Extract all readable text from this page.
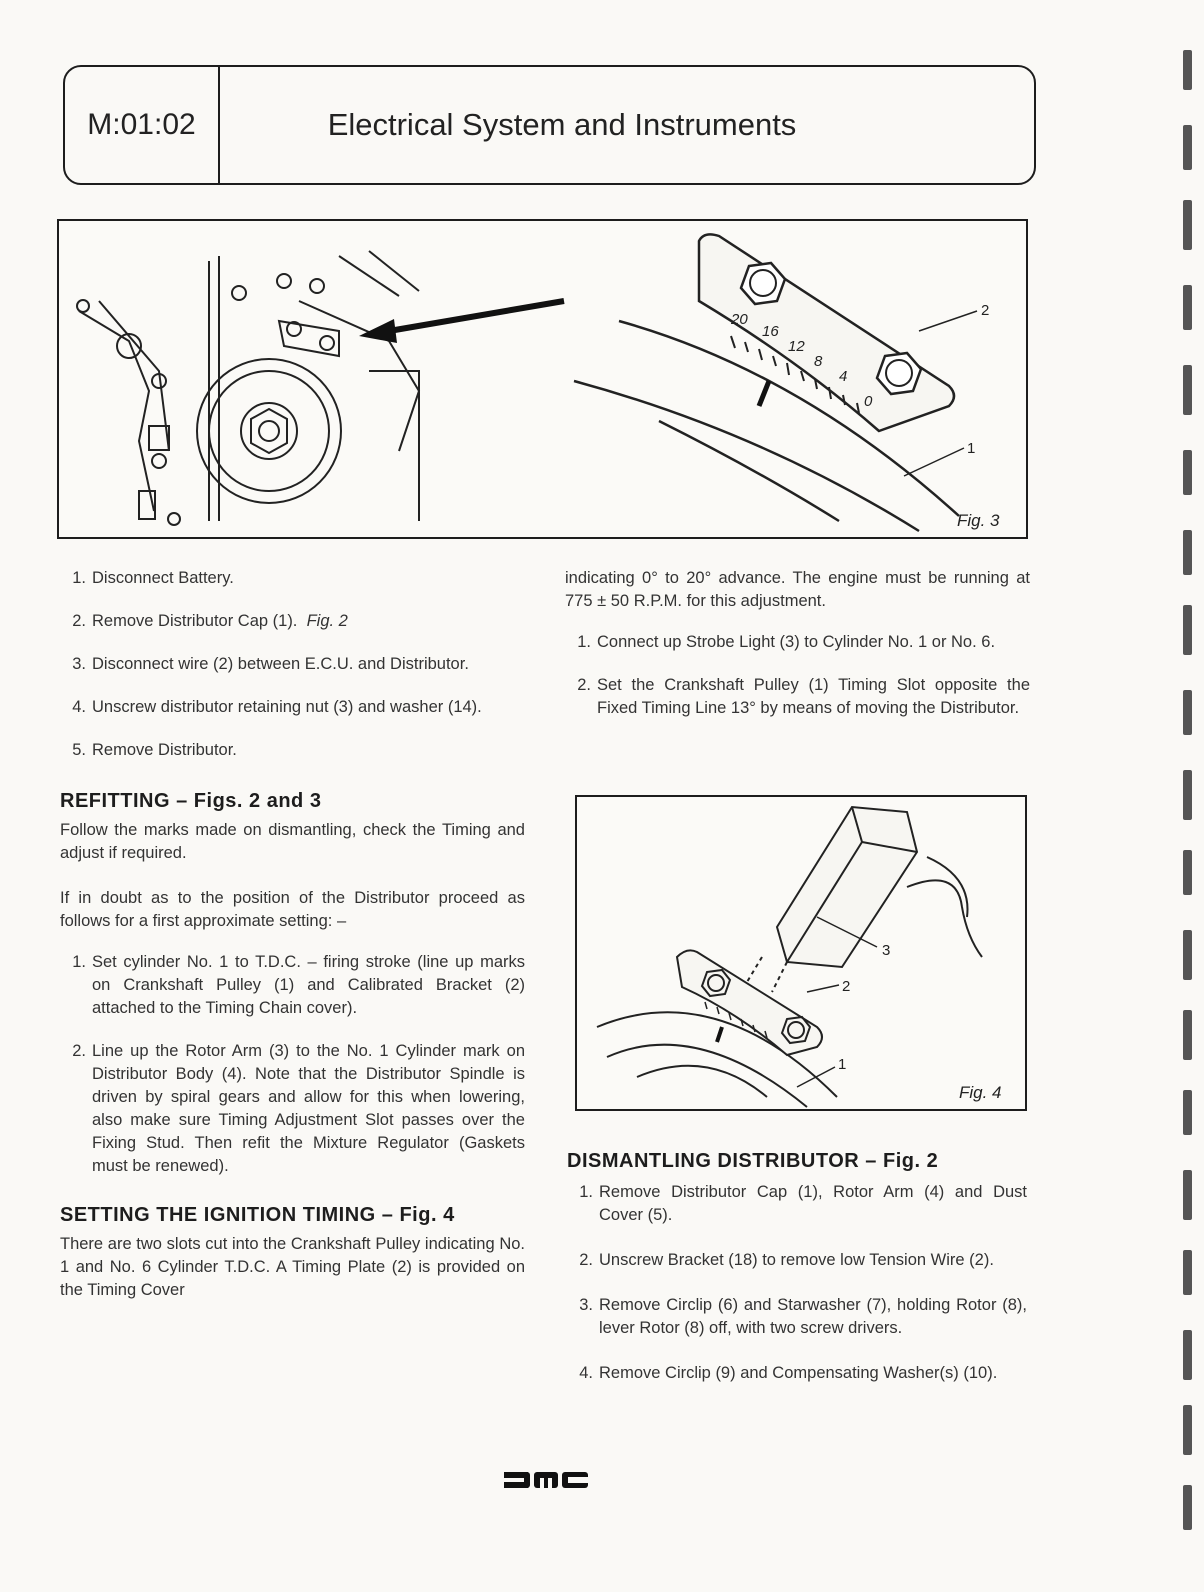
M:01:02	Electrical System and Instruments
20
16
12
8
4
0
2
1
Fig. 3
1. Disconnect Battery.
2. Remove Distributor Cap (1). Fig. 2
3. Disconnect wire (2) between E.C.U. and Distributor.
4. Unscrew distributor retaining nut (3) and washer (14).
5. Remove Distributor.
REFITTING – Figs. 2 and 3

Follow the marks made on dismantling, check the Timing and adjust if required.

If in doubt as to the position of the Distributor proceed as follows for a first approximate setting: –

1. Set cylinder No. 1 to T.D.C. – firing stroke (line up marks on Crankshaft Pulley (1) and Calibrated Bracket (2) attached to the Timing Chain cover).
2. Line up the Rotor Arm (3) to the No. 1 Cylinder mark on Distributor Body (4). Note that the Distributor Spindle is driven by spiral gears and allow for this when lowering, also make sure Timing Adjustment Slot passes over the Fixing Stud. Then refit the Mixture Regulator (Gaskets must be renewed).
SETTING THE IGNITION TIMING – Fig. 4

There are two slots cut into the Crankshaft Pulley indicating No. 1 and No. 6 Cylinder T.D.C. A Timing Plate (2) is provided on the Timing Cover

indicating 0° to 20° advance. The engine must be running at 775 ± 50 R.P.M. for this adjustment.

1. Connect up Strobe Light (3) to Cylinder No. 1 or No. 6.
2. Set the Crankshaft Pulley (1) Timing Slot opposite the Fixed Timing Line 13° by means of moving the Distributor.
3
2
1
Fig. 4
DISMANTLING DISTRIBUTOR – Fig. 2
1. Remove Distributor Cap (1), Rotor Arm (4) and Dust Cover (5).
2. Unscrew Bracket (18) to remove low Tension Wire (2).
3. Remove Circlip (6) and Starwasher (7), holding Rotor (8), lever Rotor (8) off, with two screw drivers.
4. Remove Circlip (9) and Compensating Washer(s) (10).
